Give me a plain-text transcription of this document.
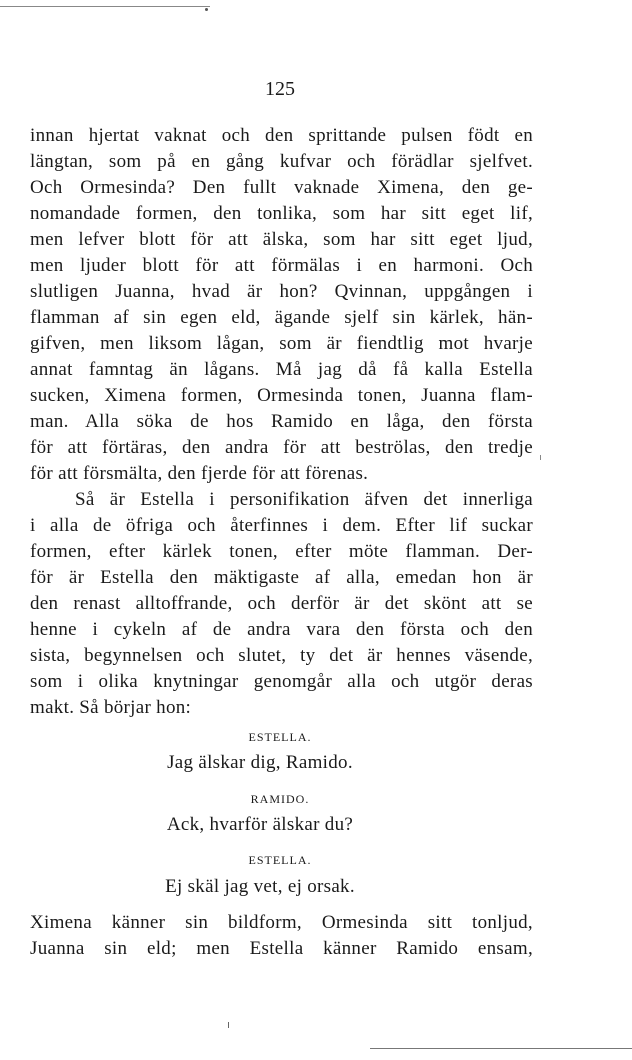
125
innan hjertat vaknat och den sprittande pulsen födt en
längtan, som på en gång kufvar och förädlar sjelfvet.
Och Ormesinda? Den fullt vaknade Ximena, den ge-
nomandade formen, den tonlika, som har sitt eget lif,
men lefver blott för att älska, som har sitt eget ljud,
men ljuder blott för att förmälas i en harmoni. Och
slutligen Juanna, hvad är hon? Qvinnan, uppgången i
flamman af sin egen eld, ägande sjelf sin kärlek, hän-
gifven, men liksom lågan, som är fiendtlig mot hvarje
annat famntag än lågans. Må jag då få kalla Estella
sucken, Ximena formen, Ormesinda tonen, Juanna flam-
man. Alla söka de hos Ramido en låga, den första
för att förtäras, den andra för att beströlas, den tredje
för att försmälta, den fjerde för att förenas.
Så är Estella i personifikation äfven det innerliga
i alla de öfriga och återfinnes i dem. Efter lif suckar
formen, efter kärlek tonen, efter möte flamman. Der-
för är Estella den mäktigaste af alla, emedan hon är
den renast alltoffrande, och derför är det skönt att se
henne i cykeln af de andra vara den första och den
sista, begynnelsen och slutet, ty det är hennes väsende,
som i olika knytningar genomgår alla och utgör deras
makt. Så börjar hon:
ESTELLA.
Jag älskar dig, Ramido.
RAMIDO.
Ack, hvarför älskar du?
ESTELLA.
Ej skäl jag vet, ej orsak.
Ximena känner sin bildform, Ormesinda sitt tonljud,
Juanna sin eld; men Estella känner Ramido ensam,
